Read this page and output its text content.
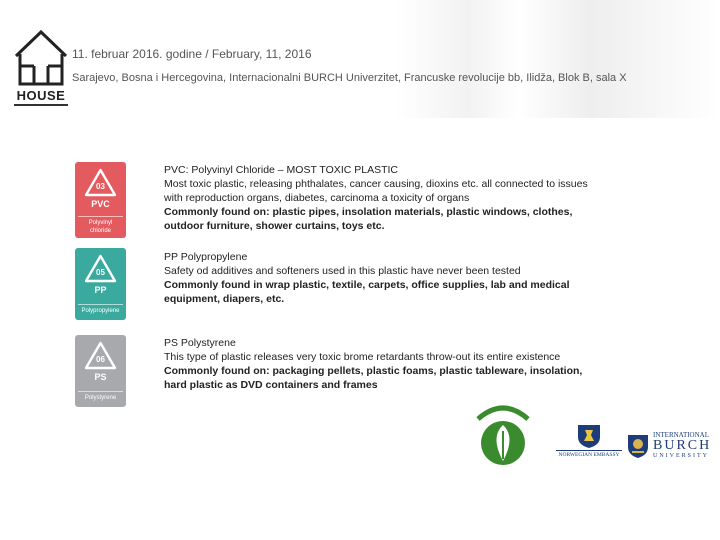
HOUSE
11. februar 2016. godine / February, 11, 2016
Sarajevo, Bosna i Hercegovina, Internacionalni BURCH Univerzitet, Francuske revolucije bb, Ilidža, Blok B, sala X
03
PVC
Polyvinyl chloride
05
PP
Polypropylene
06
PS
Polystyrene
PVC: Polyvinyl Chloride – MOST TOXIC PLASTIC
Most toxic plastic, releasing phthalates, cancer causing, dioxins etc. all connected to issues
with reproduction organs, diabetes, carcinoma a toxicity of organs
Commonly found on: plastic pipes, insolation materials, plastic windows, clothes,
outdoor furniture, shower curtains, toys etc.
PP Polypropylene
Safety od additives and softeners used in this plastic have never been tested
Commonly found in wrap plastic, textile, carpets, office supplies, lab and medical
equipment, diapers, etc.
PS Polystyrene
This type of plastic releases very toxic brome retardants throw-out its entire existence
Commonly found on: packaging pellets, plastic foams, plastic tableware, insolation,
hard plastic as DVD containers and frames
NORWEGIAN EMBASSY
INTERNATIONAL
BURCH
UNIVERSITY
